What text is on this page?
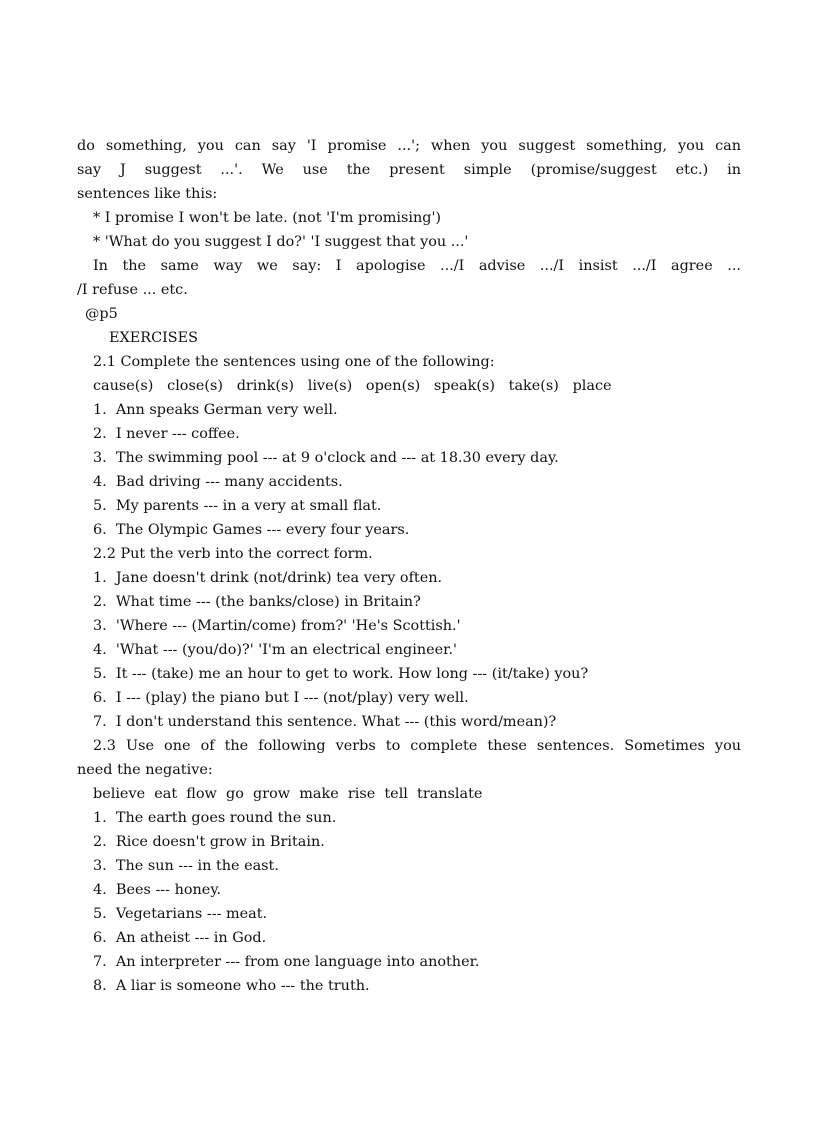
do something, you can say 'I promise ...'; when you suggest something, you can
say J suggest ...'. We use the present simple (promise/suggest etc.) in
sentences like this:
* I promise I won't be late. (not 'I'm promising')
* 'What do you suggest I do?' 'I suggest that you ...'
In the same way we say: I apologise .../I advise .../I insist .../I agree ...
/I refuse ... etc.
@p5
EXERCISES
2.1 Complete the sentences using one of the following:
cause(s)   close(s)   drink(s)   live(s)   open(s)   speak(s)   take(s)   place
1.  Ann speaks German very well.
2.  I never --- coffee.
3.  The swimming pool --- at 9 o'clock and --- at 18.30 every day.
4.  Bad driving --- many accidents.
5.  My parents --- in a very at small flat.
6.  The Olympic Games --- every four years.
2.2 Put the verb into the correct form.
1.  Jane doesn't drink (not/drink) tea very often.
2.  What time --- (the banks/close) in Britain?
3.  'Where --- (Martin/come) from?' 'He's Scottish.'
4.  'What --- (you/do)?' 'I'm an electrical engineer.'
5.  It --- (take) me an hour to get to work. How long --- (it/take) you?
6.  I --- (play) the piano but I --- (not/play) very well.
7.  I don't understand this sentence. What --- (this word/mean)?
2.3 Use one of the following verbs to complete these sentences. Sometimes you
need the negative:
believe  eat  flow  go  grow  make  rise  tell  translate
1.  The earth goes round the sun.
2.  Rice doesn't grow in Britain.
3.  The sun --- in the east.
4.  Bees --- honey.
5.  Vegetarians --- meat.
6.  An atheist --- in God.
7.  An interpreter --- from one language into another.
8.  A liar is someone who --- the truth.
